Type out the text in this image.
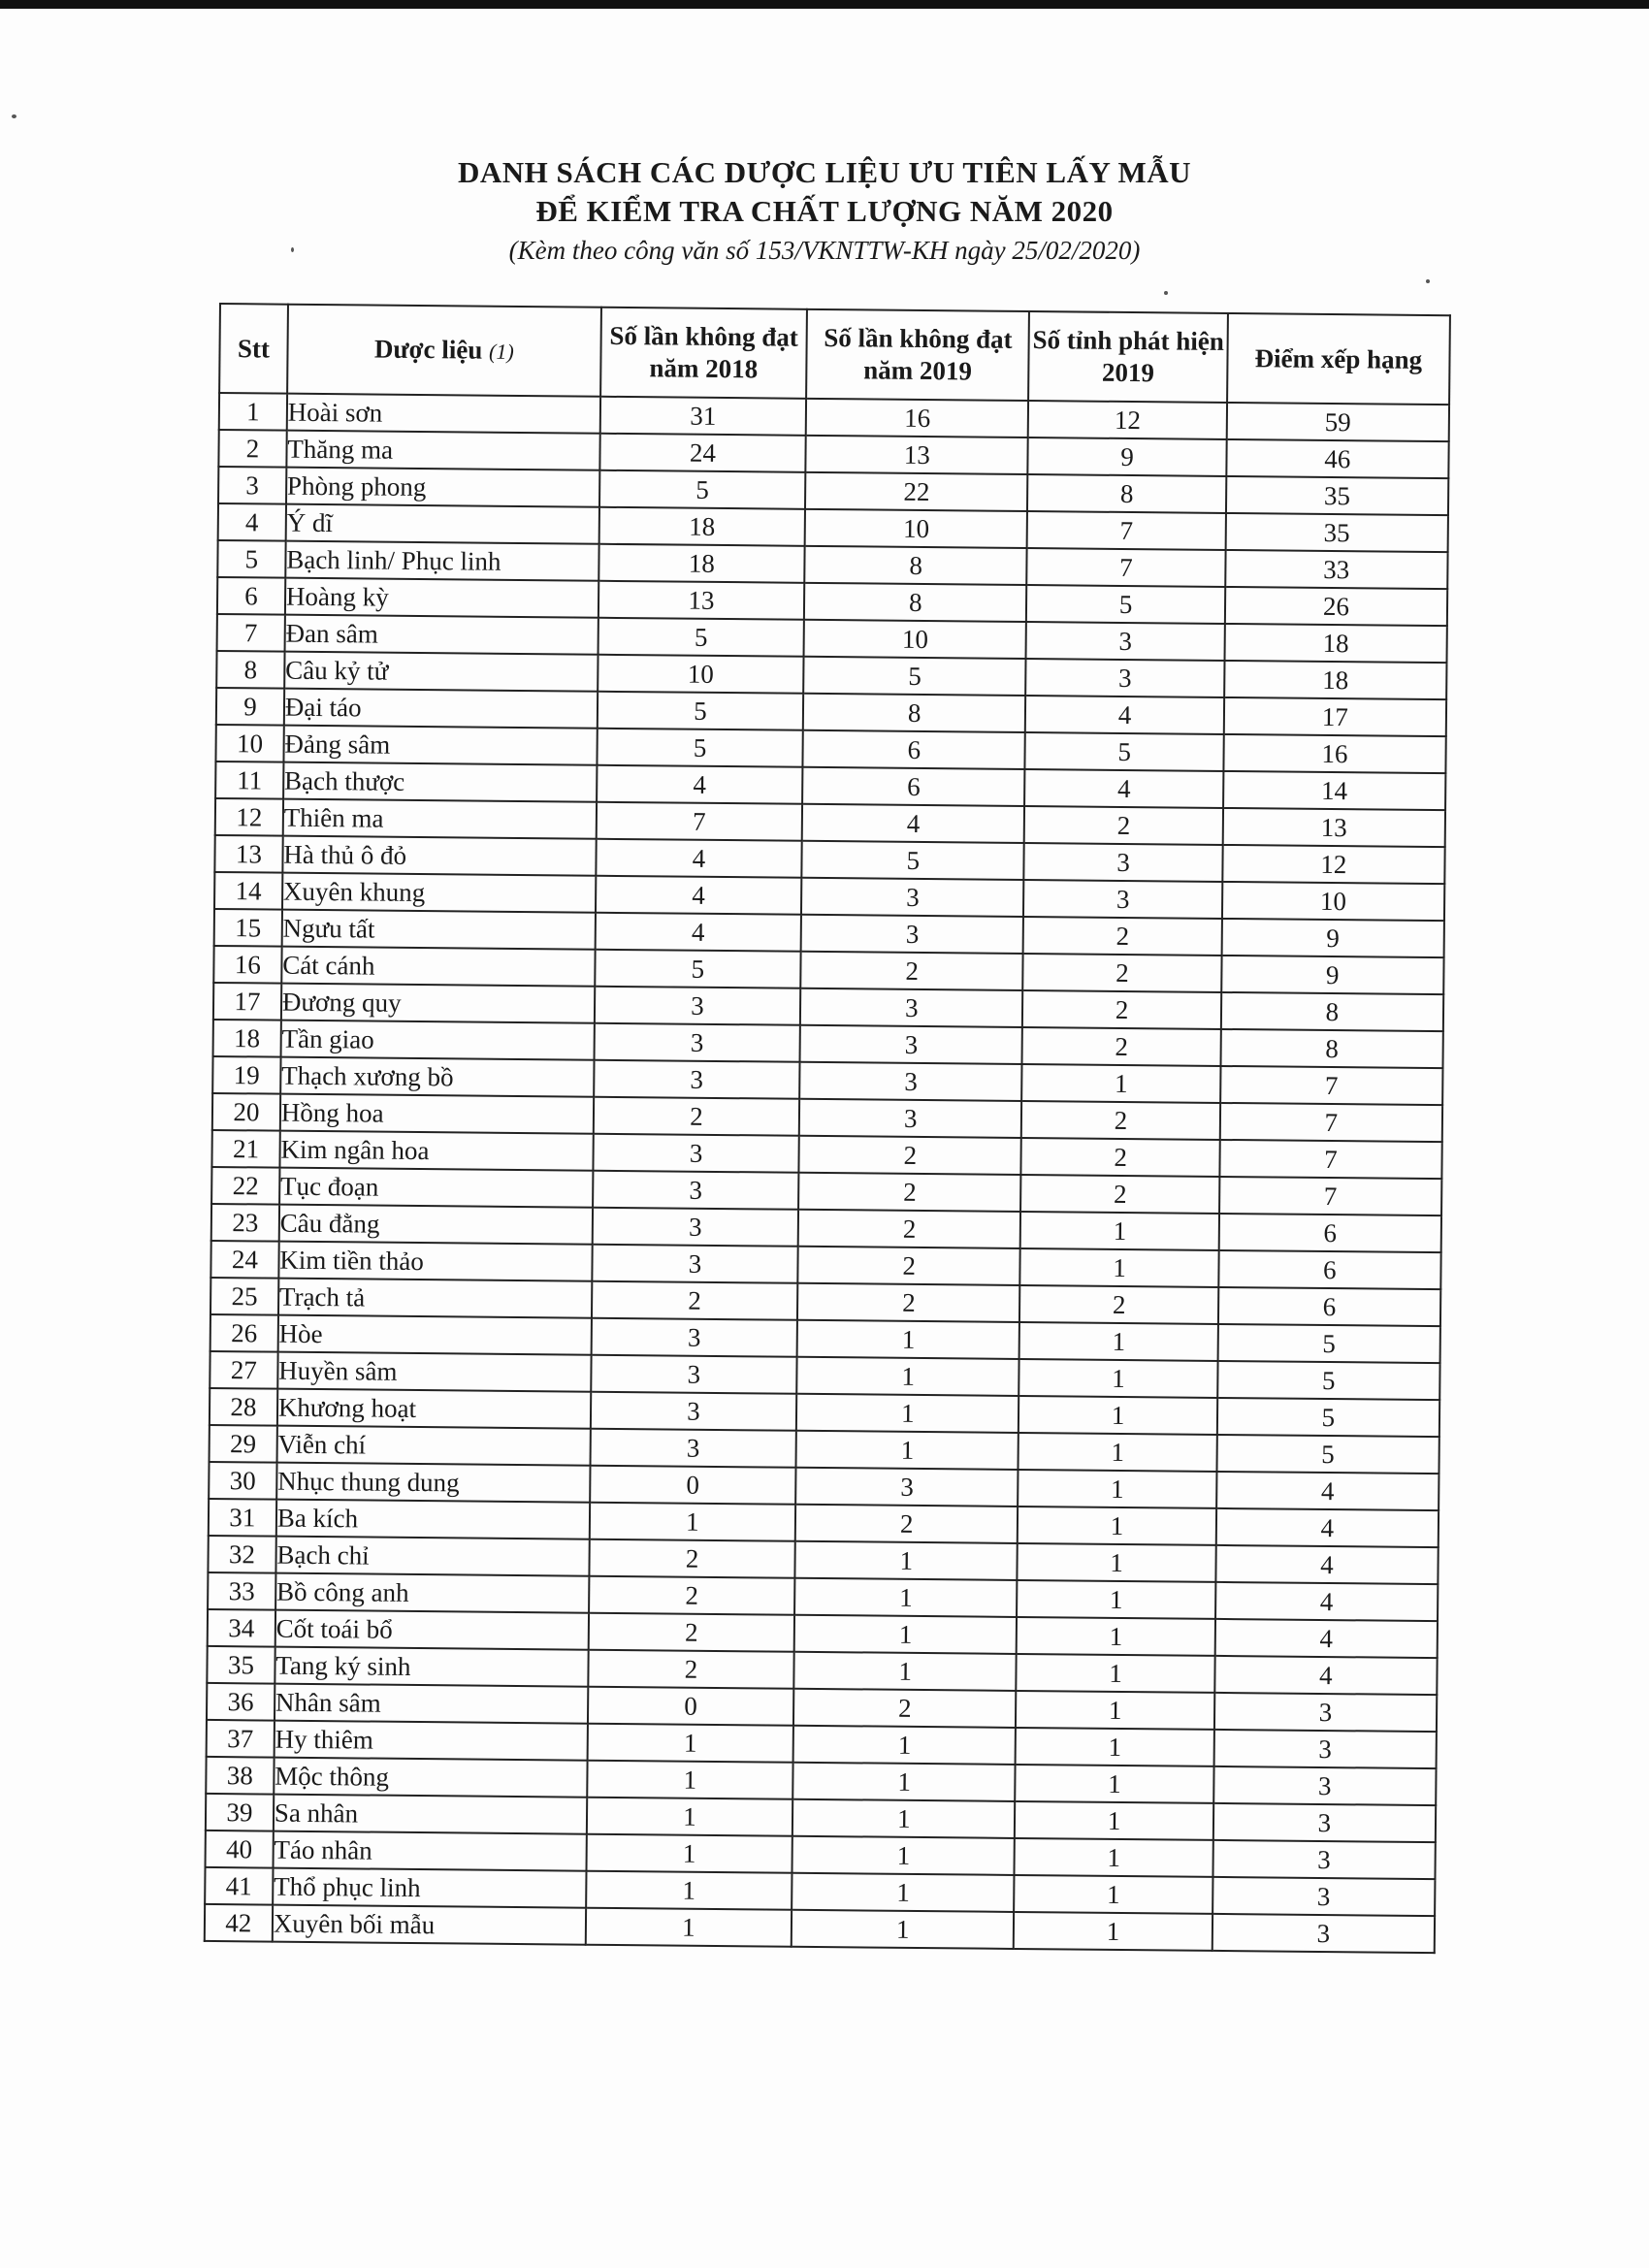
DANH SÁCH CÁC DƯỢC LIỆU ƯU TIÊN LẤY MẪU
ĐỂ KIỂM TRA CHẤT LƯỢNG NĂM 2020
(Kèm theo công văn số 153/VKNTTW-KH ngày 25/02/2020)
Stt	Dược liệu (1)	Số lần không đạt năm 2018	Số lần không đạt năm 2019	Số tỉnh phát hiện 2019	Điểm xếp hạng
1	Hoài sơn	31	16	12	59
2	Thăng ma	24	13	9	46
3	Phòng phong	5	22	8	35
4	Ý dĩ	18	10	7	35
5	Bạch linh/ Phục linh	18	8	7	33
6	Hoàng kỳ	13	8	5	26
7	Đan sâm	5	10	3	18
8	Câu kỷ tử	10	5	3	18
9	Đại táo	5	8	4	17
10	Đảng sâm	5	6	5	16
11	Bạch thược	4	6	4	14
12	Thiên ma	7	4	2	13
13	Hà thủ ô đỏ	4	5	3	12
14	Xuyên khung	4	3	3	10
15	Ngưu tất	4	3	2	9
16	Cát cánh	5	2	2	9
17	Đương quy	3	3	2	8
18	Tần giao	3	3	2	8
19	Thạch xương bồ	3	3	1	7
20	Hồng hoa	2	3	2	7
21	Kim ngân hoa	3	2	2	7
22	Tục đoạn	3	2	2	7
23	Câu đằng	3	2	1	6
24	Kim tiền thảo	3	2	1	6
25	Trạch tả	2	2	2	6
26	Hòe	3	1	1	5
27	Huyền sâm	3	1	1	5
28	Khương hoạt	3	1	1	5
29	Viễn chí	3	1	1	5
30	Nhục thung dung	0	3	1	4
31	Ba kích	1	2	1	4
32	Bạch chỉ	2	1	1	4
33	Bồ công anh	2	1	1	4
34	Cốt toái bổ	2	1	1	4
35	Tang ký sinh	2	1	1	4
36	Nhân sâm	0	2	1	3
37	Hy thiêm	1	1	1	3
38	Mộc thông	1	1	1	3
39	Sa nhân	1	1	1	3
40	Táo nhân	1	1	1	3
41	Thổ phục linh	1	1	1	3
42	Xuyên bối mẫu	1	1	1	3
